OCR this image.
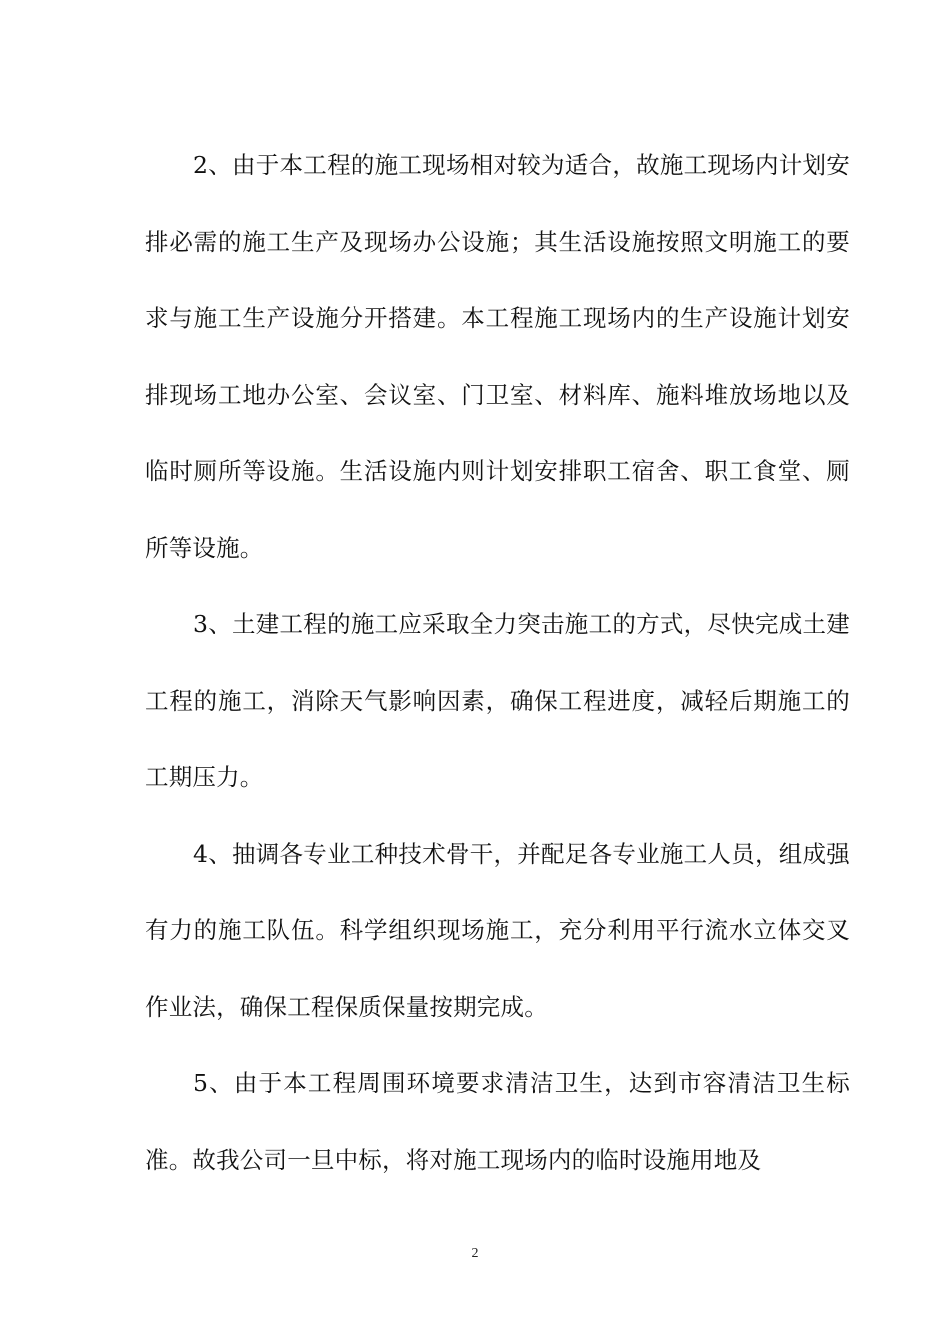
2、由于本工程的施工现场相对较为适合，故施工现场内计划安排必需的施工生产及现场办公设施；其生活设施按照文明施工的要求与施工生产设施分开搭建。本工程施工现场内的生产设施计划安排现场工地办公室、会议室、门卫室、材料库、施料堆放场地以及临时厕所等设施。生活设施内则计划安排职工宿舍、职工食堂、厕所等设施。

3、土建工程的施工应采取全力突击施工的方式，尽快完成土建工程的施工，消除天气影响因素，确保工程进度，减轻后期施工的工期压力。

4、抽调各专业工种技术骨干，并配足各专业施工人员，组成强有力的施工队伍。科学组织现场施工，充分利用平行流水立体交叉作业法，确保工程保质保量按期完成。

5、由于本工程周围环境要求清洁卫生，达到市容清洁卫生标准。故我公司一旦中标，将对施工现场内的临时设施用地及

2
